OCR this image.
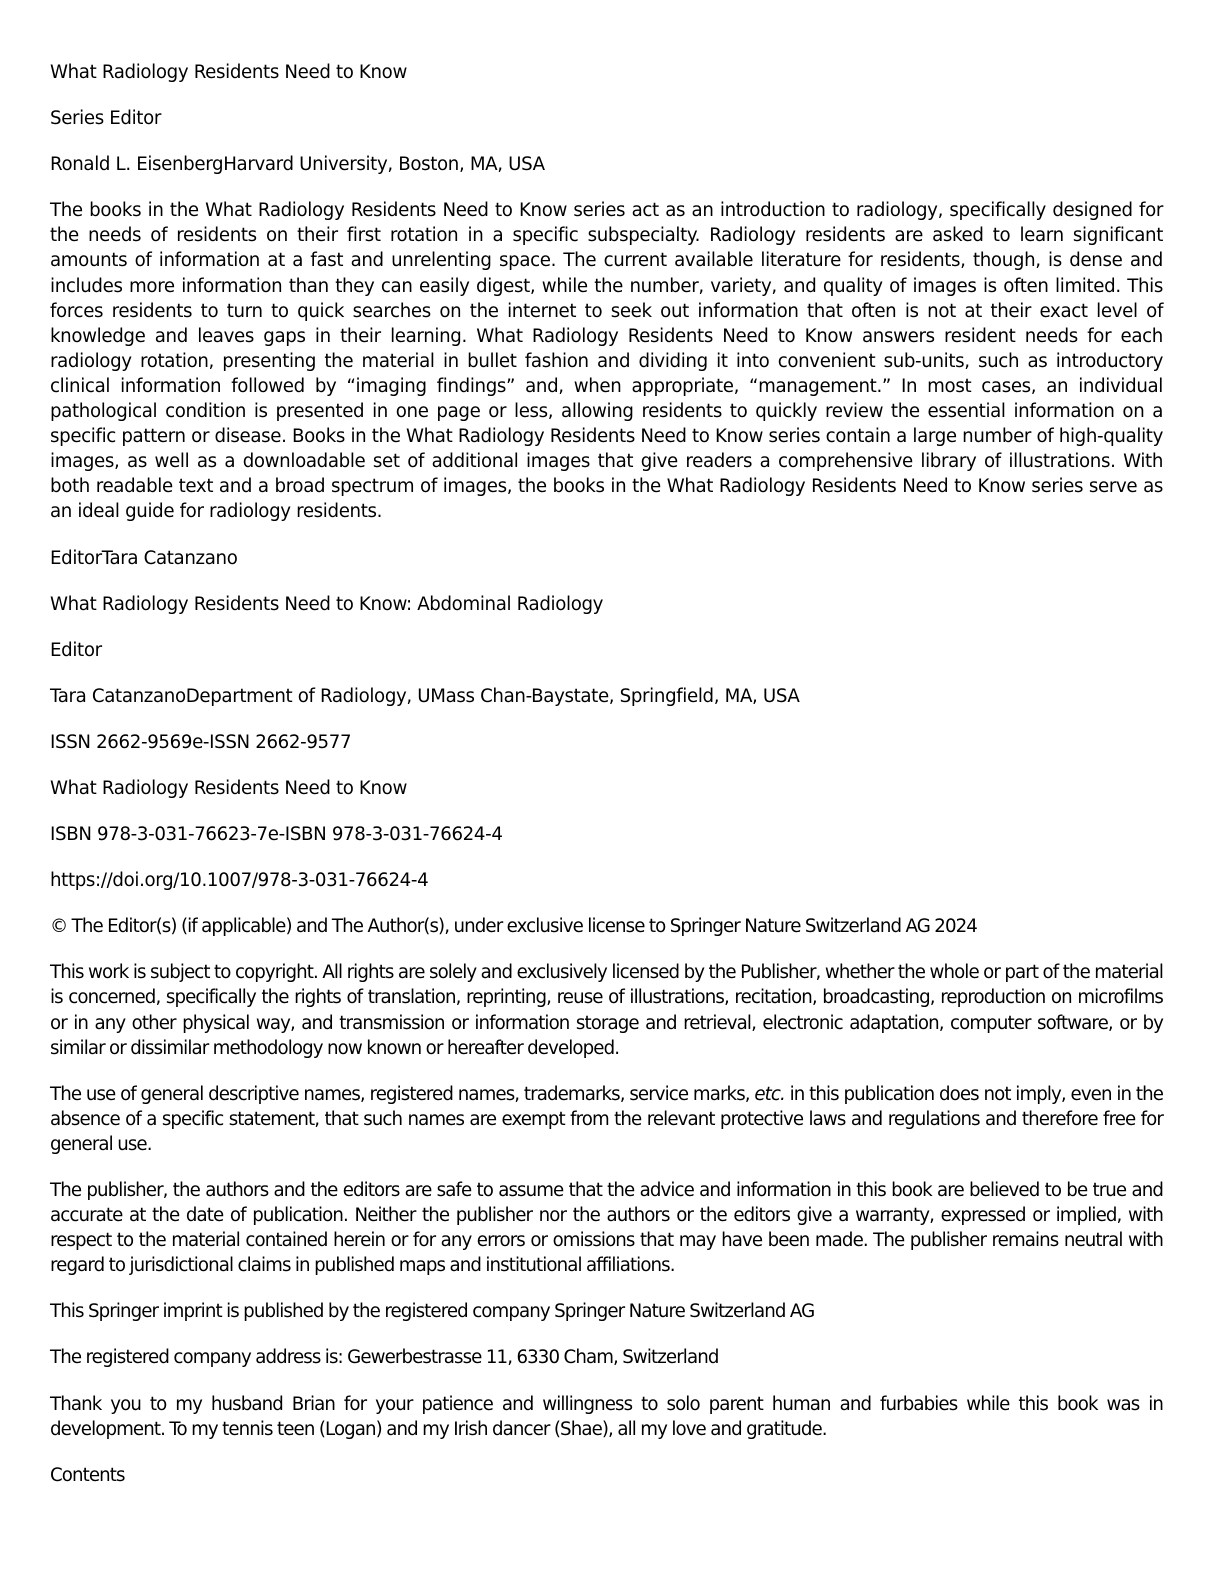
What Radiology Residents Need to Know

Series Editor

Ronald L. EisenbergHarvard University, Boston, MA, USA

The books in the What Radiology Residents Need to Know series act as an introduction to radiology, specifically designed for the needs of residents on their first rotation in a specific subspecialty. Radiology residents are asked to learn significant amounts of information at a fast and unrelenting space. The current available literature for residents, though, is dense and includes more information than they can easily digest, while the number, variety, and quality of images is often limited. This forces residents to turn to quick searches on the internet to seek out information that often is not at their exact level of knowledge and leaves gaps in their learning. What Radiology Residents Need to Know answers resident needs for each radiology rotation, presenting the material in bullet fashion and dividing it into convenient sub-units, such as introductory clinical information followed by “imaging findings” and, when appropriate, “management.” In most cases, an individual pathological condition is presented in one page or less, allowing residents to quickly review the essential information on a specific pattern or disease. Books in the What Radiology Residents Need to Know series contain a large number of high-quality images, as well as a downloadable set of additional images that give readers a comprehensive library of illustrations. With both readable text and a broad spectrum of images, the books in the What Radiology Residents Need to Know series serve as an ideal guide for radiology residents.

EditorTara Catanzano

What Radiology Residents Need to Know: Abdominal Radiology

Editor

Tara CatanzanoDepartment of Radiology, UMass Chan-Baystate, Springfield, MA, USA

ISSN 2662-9569e-ISSN 2662-9577

What Radiology Residents Need to Know

ISBN 978-3-031-76623-7e-ISBN 978-3-031-76624-4

https://doi.org/10.1007/978-3-031-76624-4

© The Editor(s) (if applicable) and The Author(s), under exclusive license to Springer Nature Switzerland AG 2024

This work is subject to copyright. All rights are solely and exclusively licensed by the Publisher, whether the whole or part of the material is concerned, specifically the rights of translation, reprinting, reuse of illustrations, recitation, broadcasting, reproduction on microfilms or in any other physical way, and transmission or information storage and retrieval, electronic adaptation, computer software, or by similar or dissimilar methodology now known or hereafter developed.

The use of general descriptive names, registered names, trademarks, service marks, etc. in this publication does not imply, even in the absence of a specific statement, that such names are exempt from the relevant protective laws and regulations and therefore free for general use.

The publisher, the authors and the editors are safe to assume that the advice and information in this book are believed to be true and accurate at the date of publication. Neither the publisher nor the authors or the editors give a warranty, expressed or implied, with respect to the material contained herein or for any errors or omissions that may have been made. The publisher remains neutral with regard to jurisdictional claims in published maps and institutional affiliations.

This Springer imprint is published by the registered company Springer Nature Switzerland AG

The registered company address is: Gewerbestrasse 11, 6330 Cham, Switzerland

Thank you to my husband Brian for your patience and willingness to solo parent human and furbabies while this book was in development. To my tennis teen (Logan) and my Irish dancer (Shae), all my love and gratitude.

Contents
